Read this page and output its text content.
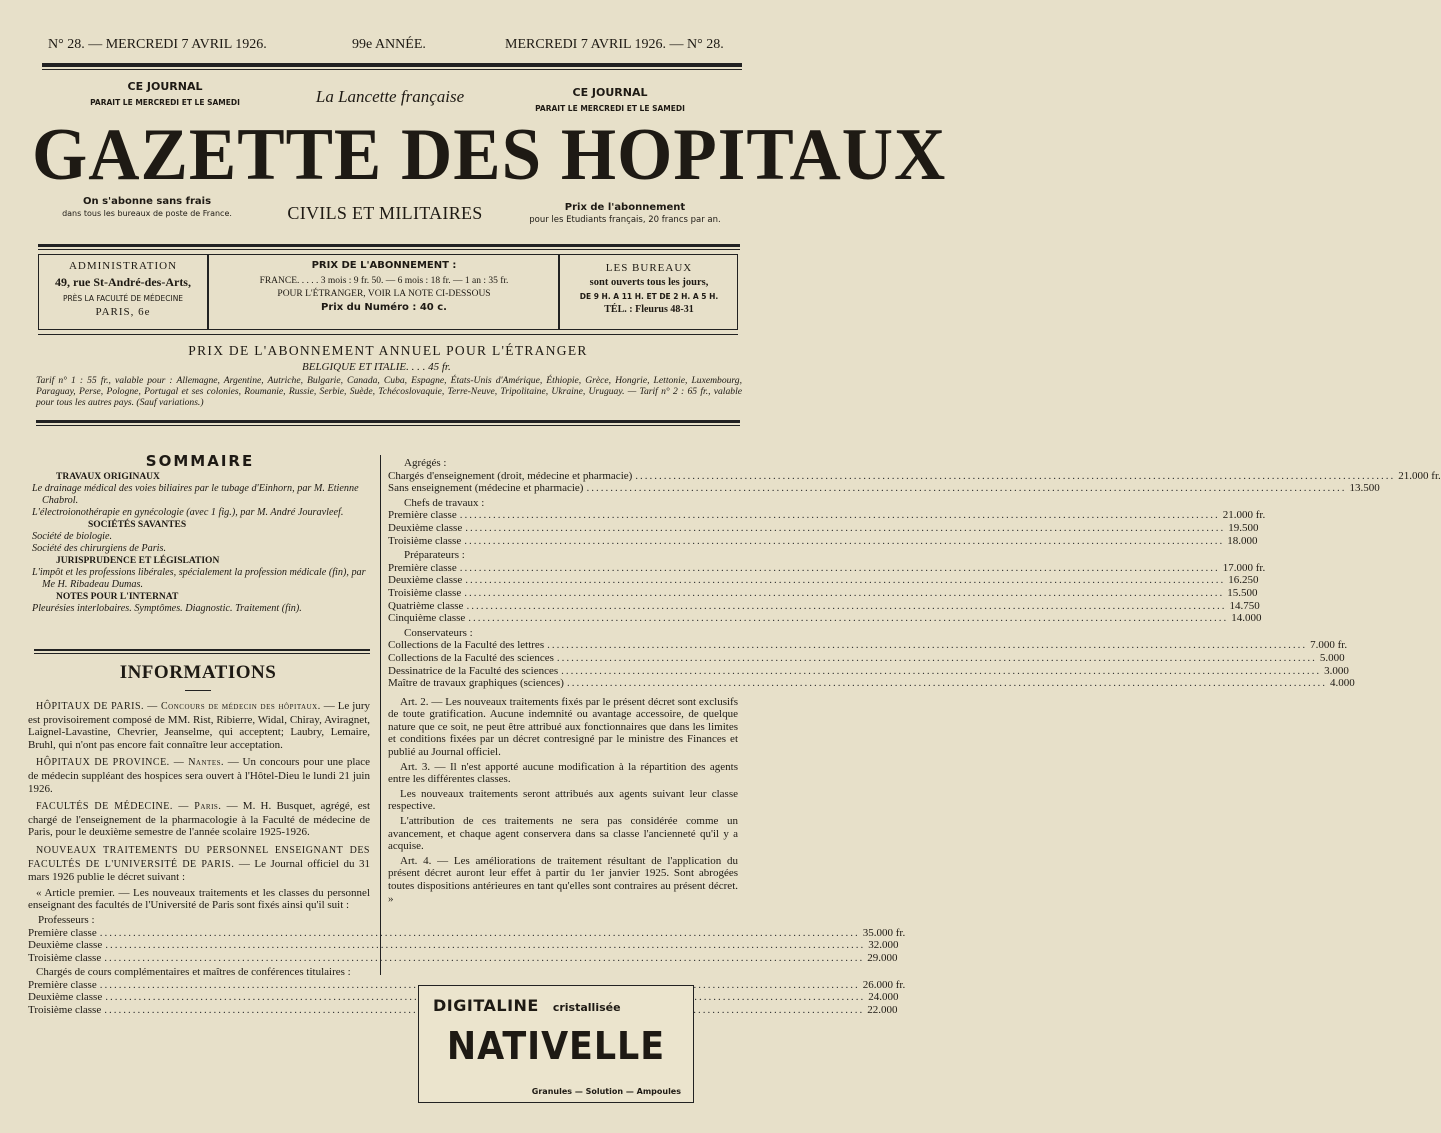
N° 28. — MERCREDI 7 AVRIL 1926.	99e ANNÉE.	MERCREDI 7 AVRIL 1926. — N° 28.
CE JOURNAL
PARAIT LE MERCREDI ET LE SAMEDI	La Lancette française	CE JOURNAL
PARAIT LE MERCREDI ET LE SAMEDI
GAZETTE DES HOPITAUX
On s'abonne sans frais
dans tous les bureaux de poste de France.	CIVILS ET MILITAIRES	Prix de l'abonnement
pour les Etudiants français, 20 francs par an.
ADMINISTRATION
49, rue St-André-des-Arts,
PRÈS LA FACULTÉ DE MÉDECINE
PARIS, 6e
PRIX DE L'ABONNEMENT :
FRANCE. . . . . 3 mois : 9 fr. 50. — 6 mois : 18 fr. — 1 an : 35 fr.
POUR L'ÉTRANGER, VOIR LA NOTE CI-DESSOUS
Prix du Numéro : 40 c.
LES BUREAUX
sont ouverts tous les jours,
DE 9 H. A 11 H. ET DE 2 H. A 5 H.
TÉL. : Fleurus 48-31
PRIX DE L'ABONNEMENT ANNUEL POUR L'ÉTRANGER
BELGIQUE ET ITALIE. . . . 45 fr.
Tarif n° 1 : 55 fr., valable pour : Allemagne, Argentine, Autriche, Bulgarie, Canada, Cuba, Espagne, États-Unis d'Amérique, Éthiopie, Grèce, Hongrie, Lettonie, Luxembourg, Paraguay, Perse, Pologne, Portugal et ses colonies, Roumanie, Russie, Serbie, Suède, Tchécoslovaquie, Terre-Neuve, Tripolitaine, Ukraine, Uruguay. — Tarif n° 2 : 65 fr., valable pour tous les autres pays. (Sauf variations.)
SOMMAIRE
TRAVAUX ORIGINAUX
Le drainage médical des voies biliaires par le tubage d'Einhorn, par M. Etienne Chabrol.
L'électroionothérapie en gynécologie (avec 1 fig.), par M. André Jouravleef.
SOCIÉTÉS SAVANTES
Société de biologie.
Société des chirurgiens de Paris.
JURISPRUDENCE ET LÉGISLATION
L'impôt et les professions libérales, spécialement la profession médicale (fin), par Me H. Ribadeau Dumas.
NOTES POUR L'INTERNAT
Pleurésies interlobaires. Symptômes. Diagnostic. Traitement (fin).
INFORMATIONS

HÔPITAUX DE PARIS. — Concours de médecin des hôpitaux. — Le jury est provisoirement composé de MM. Rist, Ribierre, Widal, Chiray, Aviragnet, Laignel-Lavastine, Chevrier, Jeanselme, qui acceptent; Laubry, Lemaire, Bruhl, qui n'ont pas encore fait connaître leur acceptation.

HÔPITAUX DE PROVINCE. — Nantes. — Un concours pour une place de médecin suppléant des hospices sera ouvert à l'Hôtel-Dieu le lundi 21 juin 1926.

FACULTÉS DE MÉDECINE. — Paris. — M. H. Busquet, agrégé, est chargé de l'enseignement de la pharmacologie à la Faculté de médecine de Paris, pour le deuxième semestre de l'année scolaire 1925-1926.

NOUVEAUX TRAITEMENTS DU PERSONNEL ENSEIGNANT DES FACULTÉS DE L'UNIVERSITÉ DE PARIS. — Le Journal officiel du 31 mars 1926 publie le décret suivant :

« Article premier. — Les nouveaux traitements et les classes du personnel enseignant des facultés de l'Université de Paris sont fixés ainsi qu'il suit :

Professeurs :

Première classe .....	35.000 fr.
Deuxième classe .....	32.000
Troisième classe .....	29.000

Chargés de cours complémentaires et maîtres de conférences titulaires :

Première classe .....	26.000 fr.
Deuxième classe .....	24.000
Troisième classe .....	22.000

Agrégés :

Chargés d'enseignement (droit, médecine et pharmacie) .....	21.000 fr.
Sans enseignement (médecine et pharmacie) .....	13.500

Chefs de travaux :

Première classe .....	21.000 fr.
Deuxième classe .....	19.500
Troisième classe .....	18.000

Préparateurs :

Première classe .....	17.000 fr.
Deuxième classe .....	16.250
Troisième classe .....	15.500
Quatrième classe .....	14.750
Cinquième classe .....	14.000

Conservateurs :

Collections de la Faculté des lettres .....	7.000 fr.
Collections de la Faculté des sciences .....	5.000
Dessinatrice de la Faculté des sciences .....	3.000
Maître de travaux graphiques (sciences) .....	4.000

Art. 2. — Les nouveaux traitements fixés par le présent décret sont exclusifs de toute gratification. Aucune indemnité ou avantage accessoire, de quelque nature que ce soit, ne peut être attribué aux fonctionnaires que dans les limites et conditions fixées par un décret contresigné par le ministre des Finances et publié au Journal officiel.

Art. 3. — Il n'est apporté aucune modification à la répartition des agents entre les différentes classes.

Les nouveaux traitements seront attribués aux agents suivant leur classe respective.

L'attribution de ces traitements ne sera pas considérée comme un avancement, et chaque agent conservera dans sa classe l'ancienneté qu'il y a acquise.

Art. 4. — Les améliorations de traitement résultant de l'application du présent décret auront leur effet à partir du 1er janvier 1925. Sont abrogées toutes dispositions antérieures en tant qu'elles sont contraires au présent décret. »

DIGITALINE cristallisée
NATIVELLE
Granules — Solution — Ampoules
